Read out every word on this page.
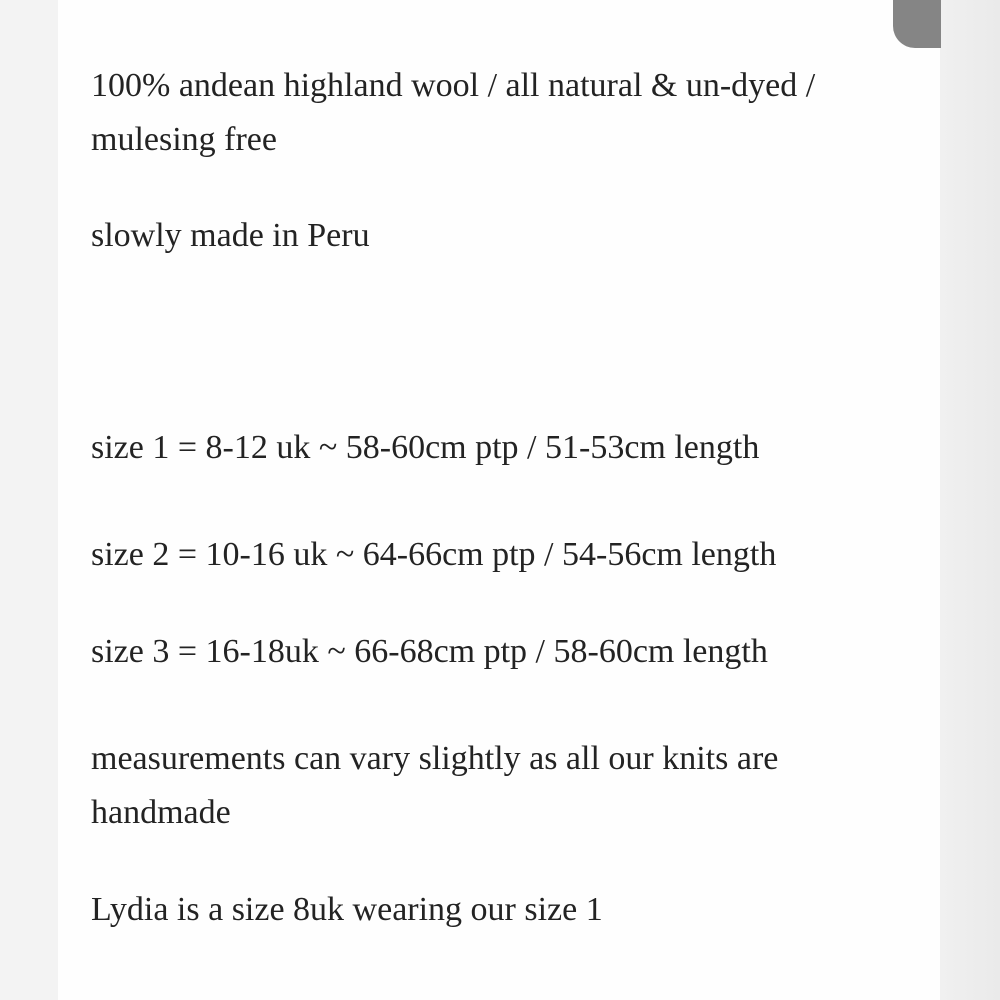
100% andean highland wool / all natural & un-dyed /

mulesing free

slowly made in Peru

size 1 = 8-12 uk ~ 58-60cm ptp / 51-53cm length

size 2 = 10-16 uk ~ 64-66cm ptp / 54-56cm length

size 3 = 16-18uk ~ 66-68cm ptp / 58-60cm length

measurements can vary slightly as all our knits are

handmade

Lydia is a size 8uk wearing our size 1
